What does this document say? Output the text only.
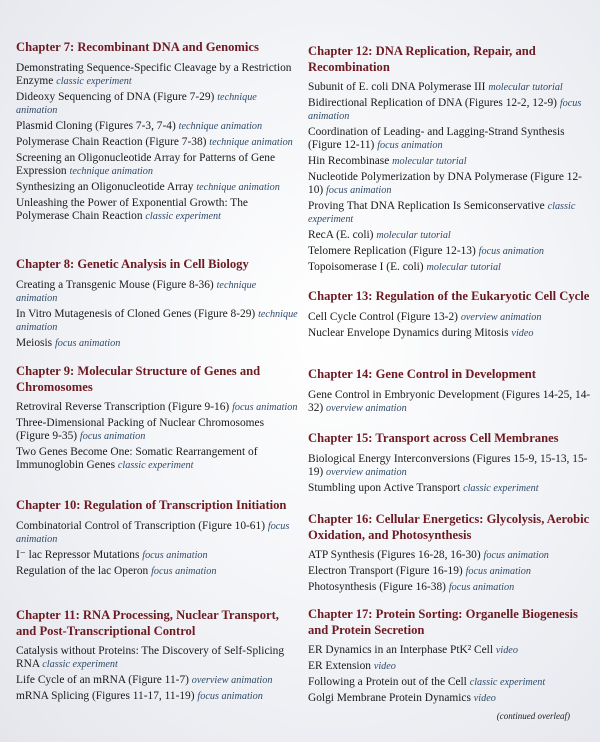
Chapter 7: Recombinant DNA and Genomics
Demonstrating Sequence-Specific Cleavage by a Restriction Enzyme classic experiment
Dideoxy Sequencing of DNA (Figure 7-29) technique animation
Plasmid Cloning (Figures 7-3, 7-4) technique animation
Polymerase Chain Reaction (Figure 7-38) technique animation
Screening an Oligonucleotide Array for Patterns of Gene Expression technique animation
Synthesizing an Oligonucleotide Array technique animation
Unleashing the Power of Exponential Growth: The Polymerase Chain Reaction classic experiment
Chapter 8: Genetic Analysis in Cell Biology
Creating a Transgenic Mouse (Figure 8-36) technique animation
In Vitro Mutagenesis of Cloned Genes (Figure 8-29) technique animation
Meiosis focus animation
Chapter 9: Molecular Structure of Genes and Chromosomes
Retroviral Reverse Transcription (Figure 9-16) focus animation
Three-Dimensional Packing of Nuclear Chromosomes (Figure 9-35) focus animation
Two Genes Become One: Somatic Rearrangement of Immunoglobin Genes classic experiment
Chapter 10: Regulation of Transcription Initiation
Combinatorial Control of Transcription (Figure 10-61) focus animation
I⁻ lac Repressor Mutations focus animation
Regulation of the lac Operon focus animation
Chapter 11: RNA Processing, Nuclear Transport, and Post-Transcriptional Control
Catalysis without Proteins: The Discovery of Self-Splicing RNA classic experiment
Life Cycle of an mRNA (Figure 11-7) overview animation
mRNA Splicing (Figures 11-17, 11-19) focus animation
Chapter 12: DNA Replication, Repair, and Recombination
Subunit of E. coli DNA Polymerase III molecular tutorial
Bidirectional Replication of DNA (Figures 12-2, 12-9) focus animation
Coordination of Leading- and Lagging-Strand Synthesis (Figure 12-11) focus animation
Hin Recombinase molecular tutorial
Nucleotide Polymerization by DNA Polymerase (Figure 12-10) focus animation
Proving That DNA Replication Is Semiconservative classic experiment
RecA (E. coli) molecular tutorial
Telomere Replication (Figure 12-13) focus animation
Topoisomerase I (E. coli) molecular tutorial
Chapter 13: Regulation of the Eukaryotic Cell Cycle
Cell Cycle Control (Figure 13-2) overview animation
Nuclear Envelope Dynamics during Mitosis video
Chapter 14: Gene Control in Development
Gene Control in Embryonic Development (Figures 14-25, 14-32) overview animation
Chapter 15: Transport across Cell Membranes
Biological Energy Interconversions (Figures 15-9, 15-13, 15-19) overview animation
Stumbling upon Active Transport classic experiment
Chapter 16: Cellular Energetics: Glycolysis, Aerobic Oxidation, and Photosynthesis
ATP Synthesis (Figures 16-28, 16-30) focus animation
Electron Transport (Figure 16-19) focus animation
Photosynthesis (Figure 16-38) focus animation
Chapter 17: Protein Sorting: Organelle Biogenesis and Protein Secretion
ER Dynamics in an Interphase PtK² Cell video
ER Extension video
Following a Protein out of the Cell classic experiment
Golgi Membrane Protein Dynamics video
(continued overleaf)
